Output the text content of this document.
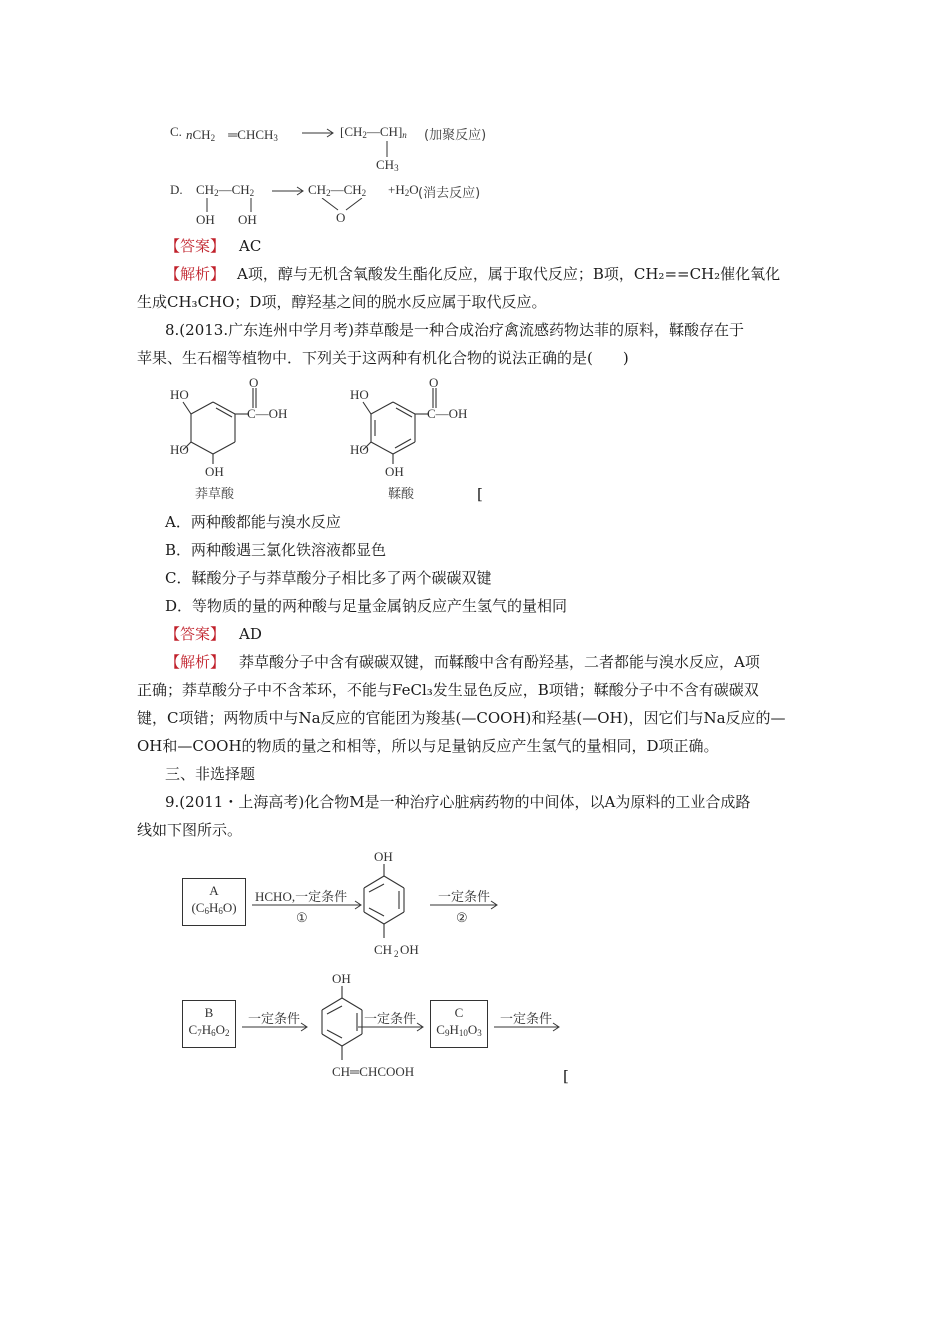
C. nCH$_2$　$═CHCH_3$	$[CH_2—CH]_n$
$CH_3$
(加聚反应)
D. $CH_2—CH_2$
OH OH
$CH_2—CH_2$
O
$+H_2O$ (消去反应)
【答案】 AC
【解析】 A项，醇与无机含氧酸发生酯化反应，属于取代反应；B项，CH₂==CH₂催化氧化
生成CH₃CHO；D项，醇羟基之间的脱水反应属于取代反应。
8.(2013.广东连州中学月考)莽草酸是一种合成治疗禽流感药物达菲的原料，鞣酸存在于
苹果、生石榴等植物中．下列关于这两种有机化合物的说法正确的是(　　)
O
C—OH
HO
HO
OH
莽草酸
O
C—OH
HO
HO
OH
鞣酸	[
A．两种酸都能与溴水反应
B．两种酸遇三氯化铁溶液都显色
C．鞣酸分子与莽草酸分子相比多了两个碳碳双键
D．等物质的量的两种酸与足量金属钠反应产生氢气的量相同
【答案】 AD
【解析】 莽草酸分子中含有碳碳双键，而鞣酸中含有酚羟基，二者都能与溴水反应，A项
正确；莽草酸分子中不含苯环，不能与FeCl₃发生显色反应，B项错；鞣酸分子中不含有碳碳双
键，C项错；两物质中与Na反应的官能团为羧基(—COOH)和羟基(—OH)，因它们与Na反应的—
OH和—COOH的物质的量之和相等，所以与足量钠反应产生氢气的量相同，D项正确。
三、非选择题
9.(2011・上海高考)化合物M是一种治疗心脏病药物的中间体，以A为原料的工业合成路
线如下图所示。
A
$(C_6H_6O)$
HCHO,一定条件
①
OH
CH 2 OH
一定条件
②
B
$C_7H_6O_2$
一定条件
OH
CH═CHCOOH
一定条件	C
$C_9H_{10}O_3$
一定条件
[
